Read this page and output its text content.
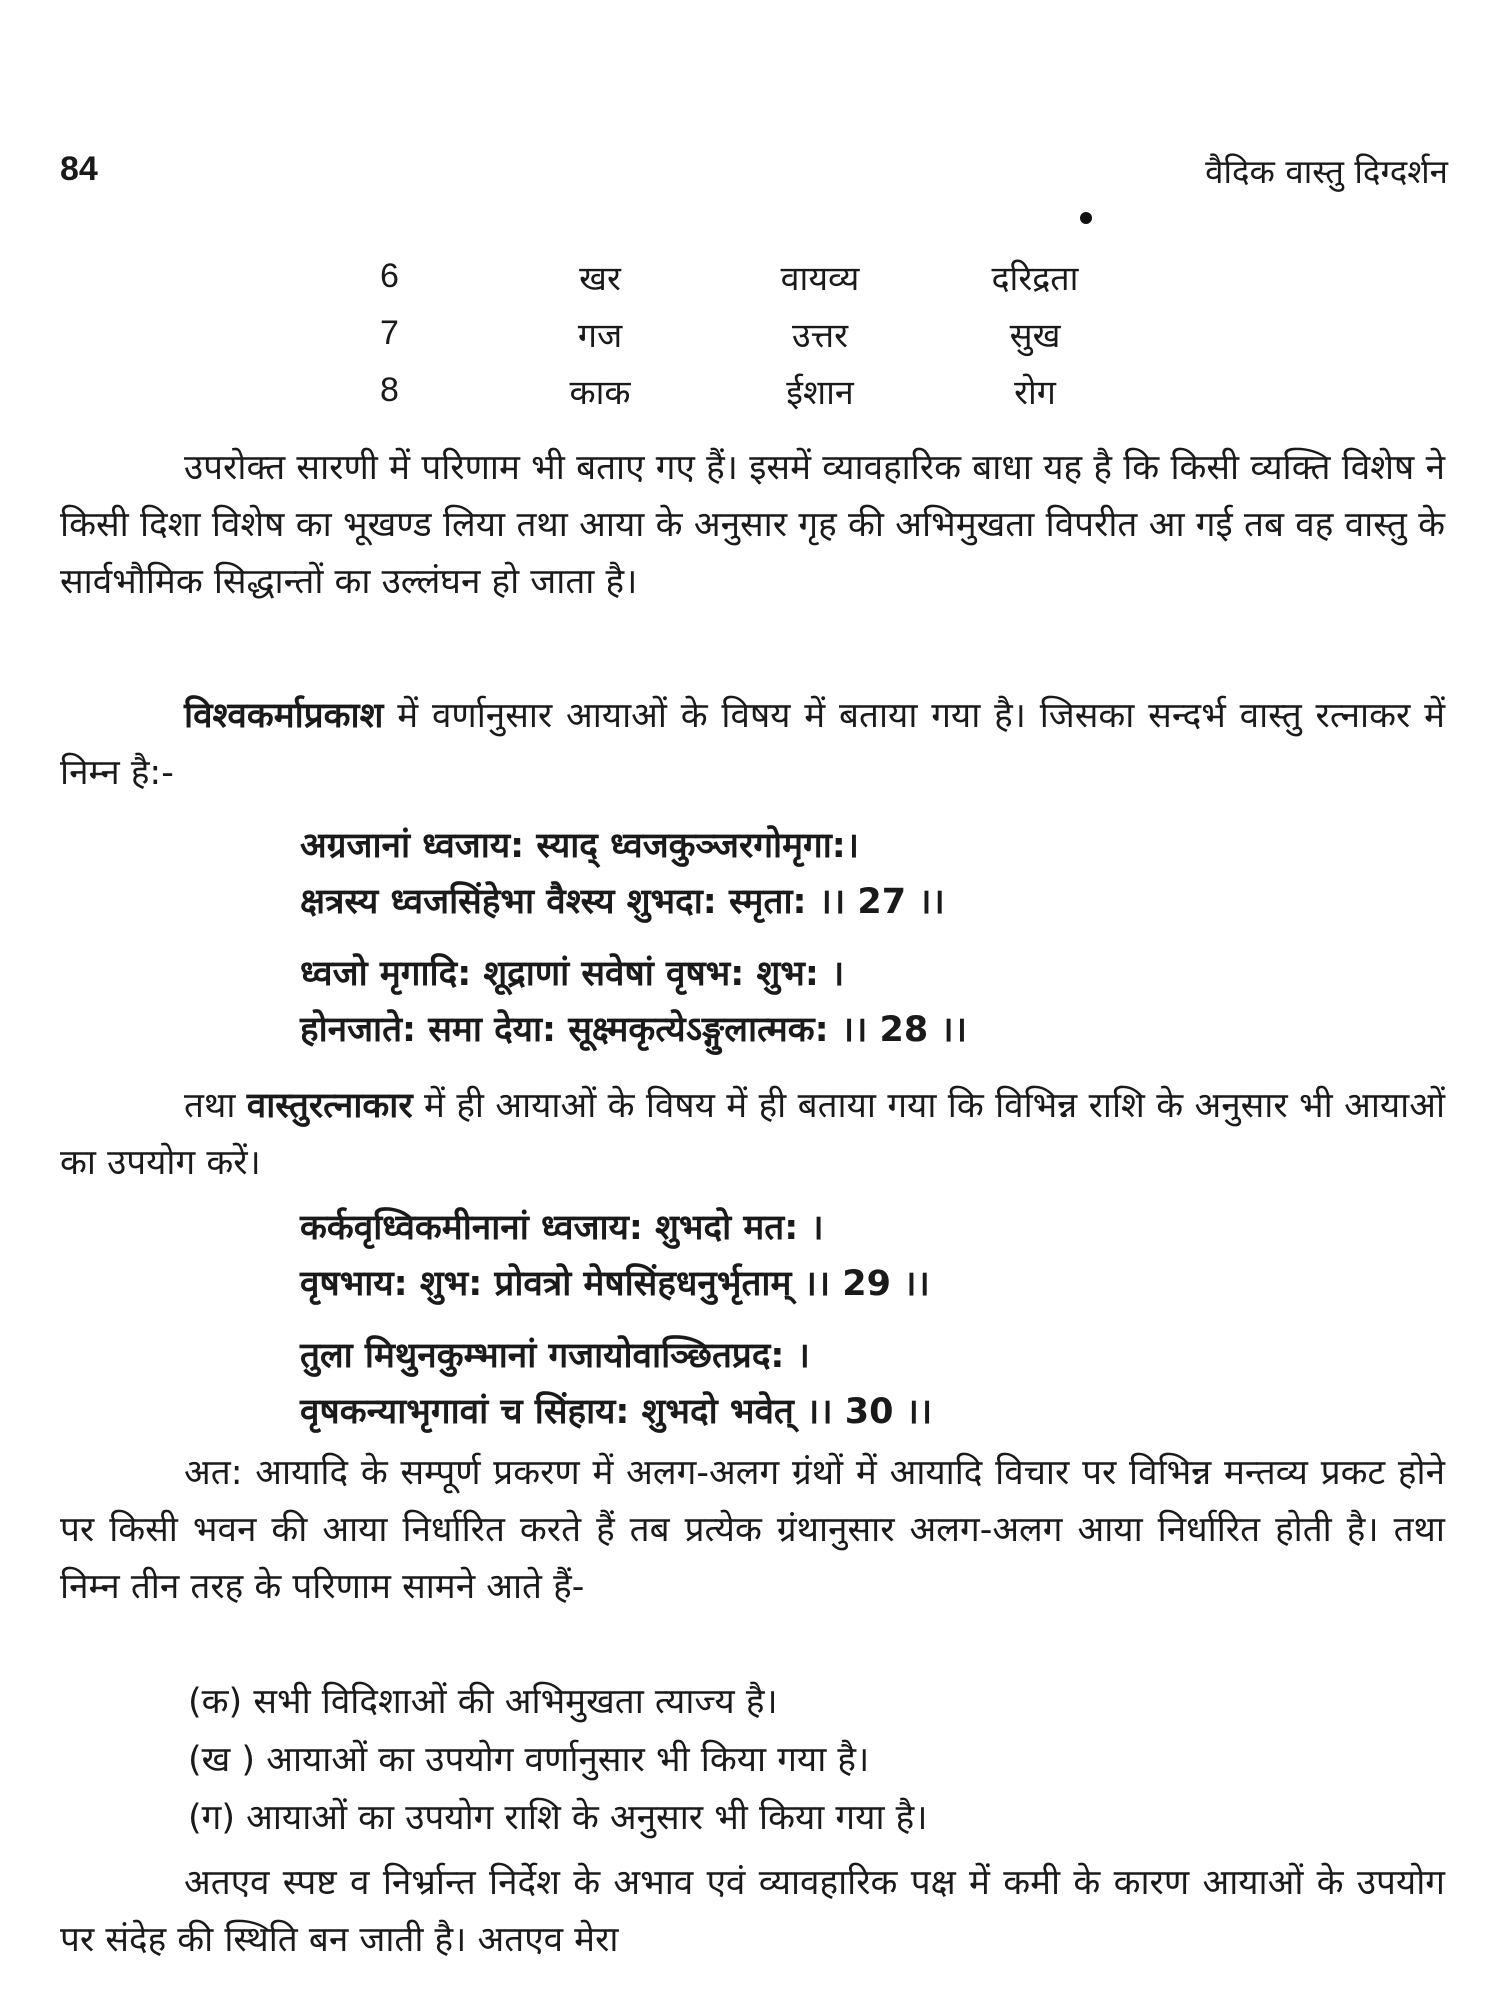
84	वैदिक वास्तु दिग्दर्शन
6	खर	वायव्य	दरिद्रता
7	गज	उत्तर	सुख
8	काक	ईशान	रोग

उपरोक्त सारणी में परिणाम भी बताए गए हैं। इसमें व्यावहारिक बाधा यह है कि किसी व्यक्ति विशेष ने किसी दिशा विशेष का भूखण्ड लिया तथा आया के अनुसार गृह की अभिमुखता विपरीत आ गई तब वह वास्तु के सार्वभौमिक सिद्धान्तों का उल्लंघन हो जाता है।

विश्वकर्माप्रकाश में वर्णानुसार आयाओं के विषय में बताया गया है। जिसका सन्दर्भ वास्तु रत्नाकर में निम्न है:-

अग्रजानां ध्वजाय: स्याद् ध्वजकुञ्जरगोमृगा:।
क्षत्रस्य ध्वजसिंहेभा वैश्स्य शुभदा: स्मृता: ।। 27 ।।
ध्वजो मृगादि: शूद्राणां सवेषां वृषभ: शुभ: ।
होनजाते: समा देया: सूक्ष्मकृत्येऽङ्गुलात्मक: ।। 28 ।।

तथा वास्तुरत्नाकार में ही आयाओं के विषय में ही बताया गया कि विभिन्न राशि के अनुसार भी आयाओं का उपयोग करें।

कर्कवृध्विकमीनानां ध्वजाय: शुभदो मत: ।
वृषभाय: शुभ: प्रोवत्रो मेषसिंहधनुर्भृताम् ।। 29 ।।
तुला मिथुनकुम्भानां गजायोवाञ्छितप्रद: ।
वृषकन्याभृगावां च सिंहाय: शुभदो भवेत् ।। 30 ।।

अत: आयादि के सम्पूर्ण प्रकरण में अलग-अलग ग्रंथों में आयादि विचार पर विभिन्न मन्तव्य प्रकट होने पर किसी भवन की आया निर्धारित करते हैं तब प्रत्येक ग्रंथानुसार अलग-अलग आया निर्धारित होती है। तथा निम्न तीन तरह के परिणाम सामने आते हैं-

(क) सभी विदिशाओं की अभिमुखता त्याज्य है।
(ख ) आयाओं का उपयोग वर्णानुसार भी किया गया है।
(ग) आयाओं का उपयोग राशि के अनुसार भी किया गया है।

अतएव स्पष्ट व निर्भ्रान्त निर्देश के अभाव एवं व्यावहारिक पक्ष में कमी के कारण आयाओं के उपयोग पर संदेह की स्थिति बन जाती है। अतएव मेरा
